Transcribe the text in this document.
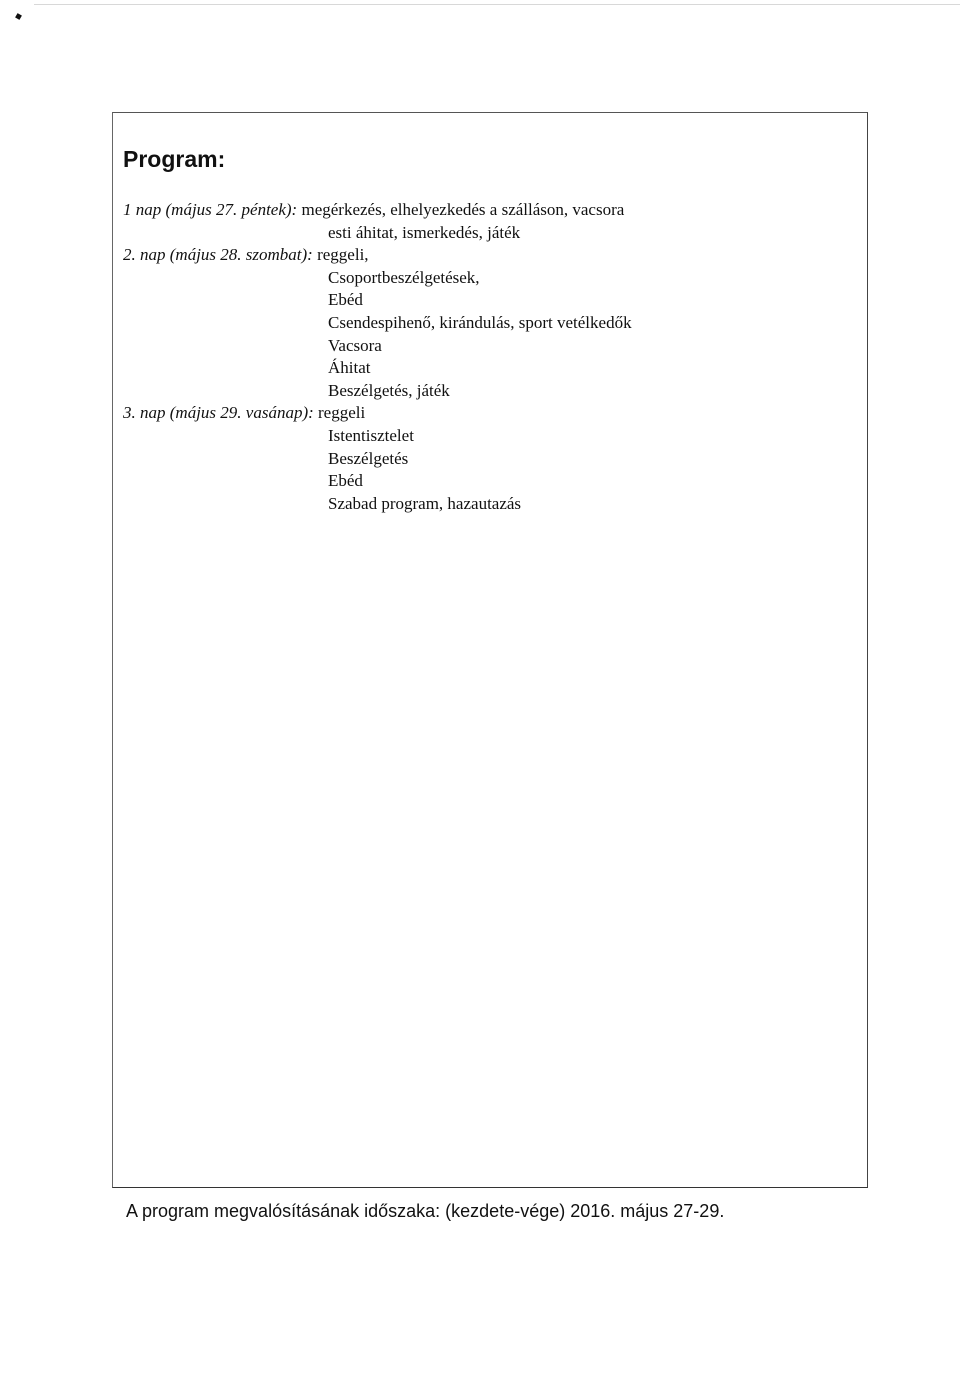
Program:

1 nap (május 27. péntek): megérkezés, elhelyezkedés a szálláson, vacsora

esti áhitat, ismerkedés, játék

2. nap (május 28. szombat): reggeli,

Csoportbeszélgetések,

Ebéd

Csendespihenő, kirándulás, sport vetélkedők

Vacsora

Áhitat

Beszélgetés, játék

3. nap (május 29. vasánap): reggeli

Istentisztelet

Beszélgetés

Ebéd

Szabad program, hazautazás

A program megvalósításának időszaka: (kezdete-vége) 2016. május 27-29.
